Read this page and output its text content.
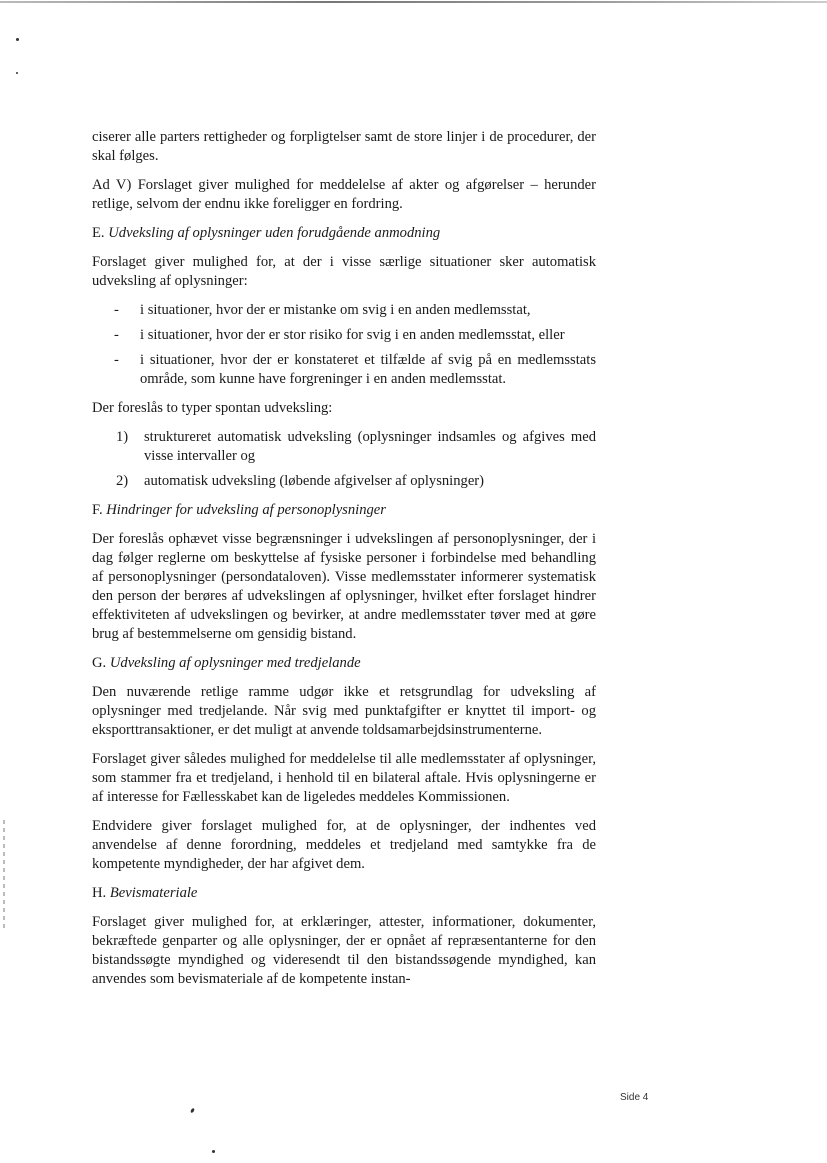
ciserer alle parters rettigheder og forpligtelser samt de store linjer i de procedurer, der skal følges.

Ad V) Forslaget giver mulighed for meddelelse af akter og afgørelser – herunder retlige, selvom der endnu ikke foreligger en fordring.

E. Udveksling af oplysninger uden forudgående anmodning

Forslaget giver mulighed for, at der i visse særlige situationer sker automatisk udveksling af oplysninger:

- i situationer, hvor der er mistanke om svig i en anden medlemsstat,
- i situationer, hvor der er stor risiko for svig i en anden medlemsstat, eller
- i situationer, hvor der er konstateret et tilfælde af svig på en medlemsstats område, som kunne have forgreninger i en anden medlemsstat.

Der foreslås to typer spontan udveksling:

1) struktureret automatisk udveksling (oplysninger indsamles og afgives med visse intervaller og
2) automatisk udveksling (løbende afgivelser af oplysninger)

F. Hindringer for udveksling af personoplysninger

Der foreslås ophævet visse begrænsninger i udvekslingen af personoplysninger, der i dag følger reglerne om beskyttelse af fysiske personer i forbindelse med behandling af personoplysninger (persondataloven). Visse medlemsstater informerer systematisk den person der berøres af udvekslingen af oplysninger, hvilket efter forslaget hindrer effektiviteten af udvekslingen og bevirker, at andre medlemsstater tøver med at gøre brug af bestemmelserne om gensidig bistand.

G. Udveksling af oplysninger med tredjelande

Den nuværende retlige ramme udgør ikke et retsgrundlag for udveksling af oplysninger med tredjelande. Når svig med punktafgifter er knyttet til import- og eksporttransaktioner, er det muligt at anvende toldsamarbejdsinstrumenterne.

Forslaget giver således mulighed for meddelelse til alle medlemsstater af oplysninger, som stammer fra et tredjeland, i henhold til en bilateral aftale. Hvis oplysningerne er af interesse for Fællesskabet kan de ligeledes meddeles Kommissionen.

Endvidere giver forslaget mulighed for, at de oplysninger, der indhentes ved anvendelse af denne forordning, meddeles et tredjeland med samtykke fra de kompetente myndigheder, der har afgivet dem.

H. Bevismateriale

Forslaget giver mulighed for, at erklæringer, attester, informationer, dokumenter, bekræftede genparter og alle oplysninger, der er opnået af repræsentanterne for den bistandssøgte myndighed og videresendt til den bistandssøgende myndighed, kan anvendes som bevismateriale af de kompetente instan-

Side 4
